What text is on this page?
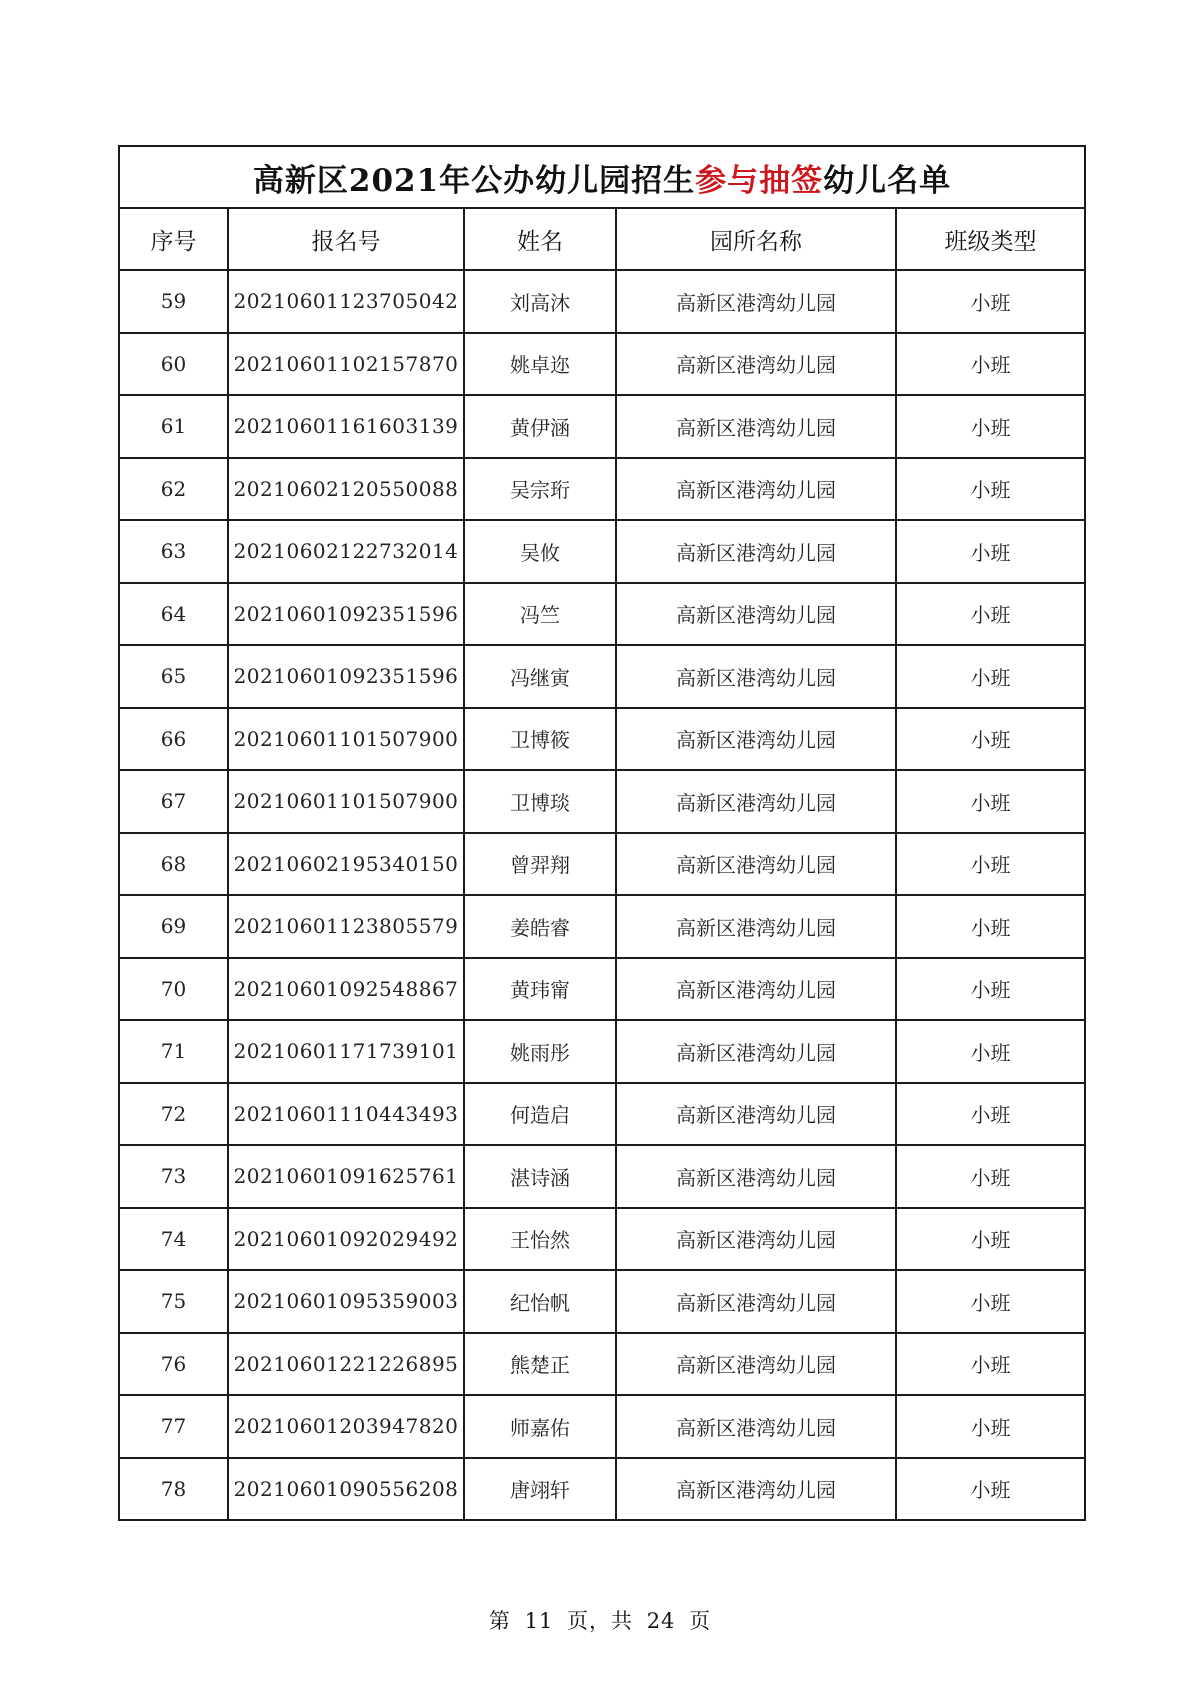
高新区2021年公办幼儿园招生参与抽签幼儿名单				
序号	报名号	姓名	园所名称	班级类型
59	20210601123705042	刘高沐	高新区港湾幼儿园	小班
60	20210601102157870	姚卓迩	高新区港湾幼儿园	小班
61	20210601161603139	黄伊涵	高新区港湾幼儿园	小班
62	20210602120550088	吴宗珩	高新区港湾幼儿园	小班
63	20210602122732014	吴攸	高新区港湾幼儿园	小班
64	20210601092351596	冯竺	高新区港湾幼儿园	小班
65	20210601092351596	冯继寅	高新区港湾幼儿园	小班
66	20210601101507900	卫博筱	高新区港湾幼儿园	小班
67	20210601101507900	卫博琰	高新区港湾幼儿园	小班
68	20210602195340150	曾羿翔	高新区港湾幼儿园	小班
69	20210601123805579	姜皓睿	高新区港湾幼儿园	小班
70	20210601092548867	黄玮甯	高新区港湾幼儿园	小班
71	20210601171739101	姚雨彤	高新区港湾幼儿园	小班
72	20210601110443493	何造启	高新区港湾幼儿园	小班
73	20210601091625761	湛诗涵	高新区港湾幼儿园	小班
74	20210601092029492	王怡然	高新区港湾幼儿园	小班
75	20210601095359003	纪怡帆	高新区港湾幼儿园	小班
76	20210601221226895	熊楚正	高新区港湾幼儿园	小班
77	20210601203947820	师嘉佑	高新区港湾幼儿园	小班
78	20210601090556208	唐翊轩	高新区港湾幼儿园	小班
第 11 页，共 24 页
